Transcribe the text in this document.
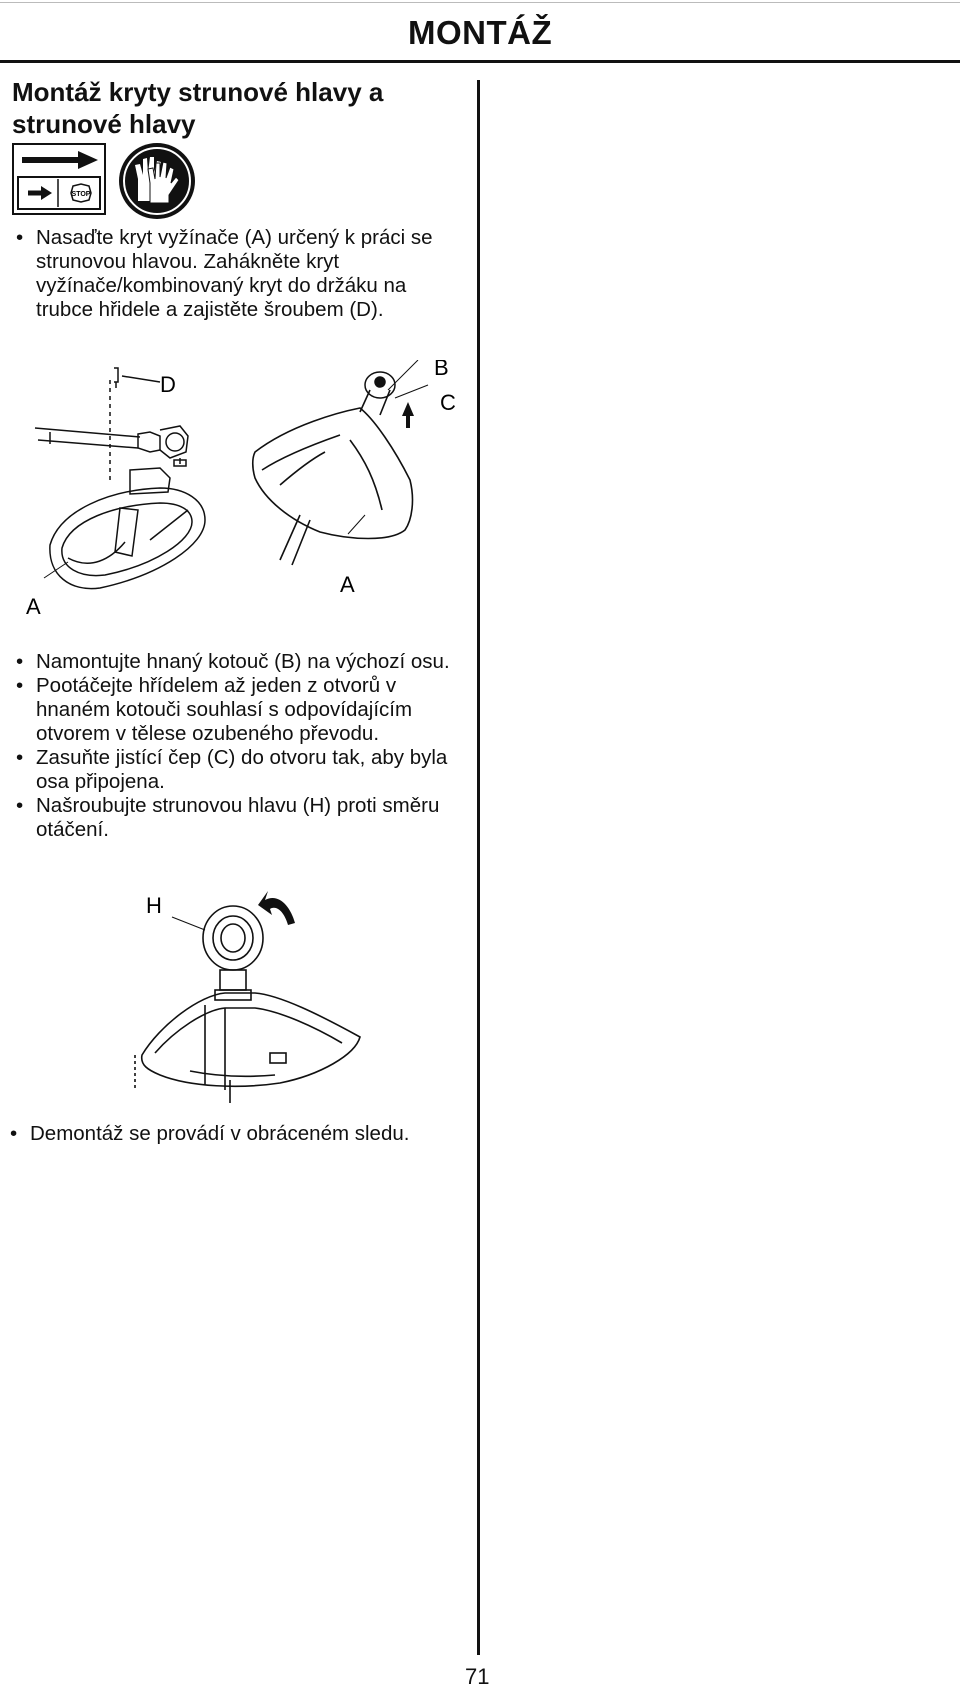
MONTÁŽ
Montáž kryty strunové hlavy a strunové hlavy
STOP
• Nasaďte kryt vyžínače (A) určený k práci se strunovou hlavou. Zahákněte kryt vyžínače/kombinovaný kryt do držáku na trubce hřidele a zajistěte šroubem (D).
D
A
B
C
A
• Namontujte hnaný kotouč (B) na výchozí osu.
• Pootáčejte hřídelem až jeden z otvorů v hnaném kotouči souhlasí s odpovídajícím otvorem v tělese ozubeného převodu.
• Zasuňte jistící čep (C) do otvoru tak, aby byla osa připojena.
• Našroubujte strunovou hlavu (H) proti směru otáčení.
H
• Demontáž se provádí v obráceném sledu.
71
